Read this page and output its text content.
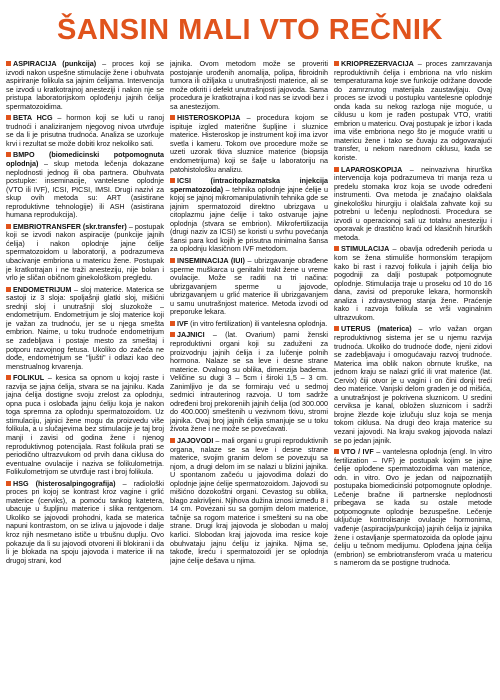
ŠANSIN MALI VTO REČNIK

ASPIRACIJA (punkcija) – proces koji se izvodi nakon uspešne stimulacije žene i obuhvata aspiriranje folikula sa jajnim ćelijama. Intervencija se izvodi u kratkotrajnoj anesteziji i nakon nje se pristupa laboratorijskom oplođenju jajnih ćelija spermatozoidima.

BETA HCG – hormon koji se luči u ranoj trudnoći i analiziranjem njegovog nivoa utvrđuje se da li je prisutna trudnoća. Analiza se uzorkuje krvi i rezultat se može dobiti kroz nekoliko sati.

BMPO (biomedicinski potpomognuta oplodnja) – skup metoda lečenja dokazane neplodnosti jednog ili oba partnera. Obuhvata postupke: inseminacije, vantelesne oplodnje (VTO ili IVF), ICSI, PICSI, IMSI. Drugi nazivi za skup ovih metoda su: ART (asistirane reproduktivne tehnologije) ili ASH (asistirana humana reprodukcija).

EMBRIOTRANSFER (skr.transfer) – postupak koji se izvodi nakon aspiracije (punkcije jajnih ćelija) i nakon oplodnje jajne ćelije spermatozoidom u laboratoriji, a podrazumeva ubacivanje embriona u matericu žene. Postupak je kratkotrajan i ne traži anesteziju, nije bolan i vrlo je sličan običnom ginekološkom pregledu.

ENDOMETRIJUM – sloj materice. Materica se sastoji iz 3 sloja: spoljašnji glatki sloj, mišićni srednji sloj i unutrašnji sloj sluzokože – endometrijum. Endometrijum je sloj materice koji je važan za trudnoću, jer se u njega smešta embrion. Naime, u toku trudnoće endometrijum se zadebljava i postaje mesto za smeštaj i potporu razvojnog fetusa. Ukoliko do začeća ne dođe, endometrijum se "ljušti" i odlazi kao deo menstrualnog krvarenja.

FOLIKUL – kesica sa opnom u kojoj raste i razvija se jajna ćelija, stvara se na jajniku. Kada jajna ćelija dostigne svoju zrelost za oplodnju, opna puca i oslobađa jajnu ćeliju koja je nakon toga spremna za oplodnju spermatozoidom. Uz stimulaciju, jajnici žene mogu da proizvedu više folikula, a u slučajevima bez stimulacije je taj broj manji i zavisi od godina žene i njenog reproduktivnog potencijala. Rast folikula prati se periodično ultrazvukom od prvih dana ciklusa do eventualne ovulacije i naziva se folikulometrija. Folikulometrijom se utvrđuje rast i broj folikula.

HSG (histerosalpingografija) – radiološki proces pri kojoj se kontrast kroz vagine i grlić materice (cerviks), a pomoću tankog katetera, ubacuje u šupljinu materice i slika rentgenom. Ukoliko se jajovodi prohodni, kada se materica napuni kontrastom, on se izliva u jajovode i dalje kroz njih nesmetano ističe u trbušnu duplju. Ovo pokazuje da li su jajovodi otvoreni ili blokirani i da li je blokada na spoju jajovoda i materice ili na drugoj strani, kod

jajnika. Ovom metodom može se proveriti postojanje urođenih anomalija, polipa, fibroidnih tumora ili ožiljaka u unutrašnjosti materice, ali se može otkriti i defekt unutrašnjosti jajovoda. Sama procedura je kratkotrajna i kod nas se izvodi bez i sa anestezijom.

HISTEROSKOPIJA – procedura kojom se ispituje izgled materične šupljine i sluznice materice. Histeroskop je instrument koji ima izvor svetla i kameru. Tokom ove procedure može se uzeti uzorak tkiva sluznice materice (biopsija endometrijuma) koji se šalje u laboratoriju na patohistološku analizu.

ICSI (intracitoplazmatska injekcija spermatozoida) – tehnika oplodnje jajne ćelije u kojoj se jajnoj mikromanipulativnih tehnika gde se jajnim spermatozoid direktno ubrizgava u citoplazmu jajne ćelije i tako ostvaruje jajne oplodnja (stvara se embrion). Mikrofertilizacija (drugi naziv za ICSI) se koristi u svrhu povećanja šansi para kod kojih je prisutna minimalna šansa za oplodnju klasičnom IVF metodom.

INSEMINACIJA (IUI) – ubrizgavanje obrađene sperme muškarca u genitalni trakt žene u vreme ovulacije. Može se raditi na tri načina: ubrizgavanjem sperme u jajovode, ubrizgavanjem u grlić materice ili ubrizgavanjem u samu unutrašnjost materice. Metoda izvodi od preporuke lekara.

IVF (in vitro fertilization) ili vantelesna oplodnja.

JAJNICI – (lat. Ovarium) parni ženski reproduktivni organi koji su zaduženi za proizvodnju jajnih ćelija i za lučenje polnih hormona. Nalaze se sa leve i desne strane materice. Ovalnog su oblika, dimenzija badema. Veličine su dugi 3 – 5cm i široki 1,5 – 3 cm. Zanimljivo je da se formiraju već u sedmoj sedmici intrauterinog razvoja. U tom sadrže određeni broj prekoreniih jajnih ćelija (od 300.000 do 400.000) smeštenih u vezivnom tkivu, stromi jajnika. Ovaj broj jajnih ćelija smanjuje se u toku života žene i ne može se povećavati.

JAJOVODI – mali organi u grupi reproduktivnih organa, nalaze se sa leve i desne strane materice, svojim granim delom se povezuju sa njom, a drugi delom im se nalazi u blizini jajnika. U spontanom začeću u jajovodima dolazi do oplodnje jajne ćelije spermatozoidom. Jajovodi su mišićno dozokoštni organi. Cevastog su oblika, blago zakrivljeni. Njihova dužina iznosi između 8 i 14 cm. Povezani su sa gornjim delom materice, tačnije sa rogom materice i smešteni su na obe strane. Drugi kraj jajovoda je slobodan u maloj karlici. Slobodan kraj jajovoda ima resice koje obuhvataju jajnu ćeliju iz jajnika. Njima se, takođe, kreću i spermatozoidi jer se oplodnja jajne ćelije dešava u njima.

KRIOPREZERVACIJA – proces zamrzavanja reproduktivnih ćelija i embriona na vrlo niskim temperaturama koje sve funkcije održane dovode do zamrznutog materijala zaustavljaju. Ovaj proces se izvodi u postupku vantelesne oplodnje onda kada su nekog razloga nije moguće, u ciklusu u kom je rađen postupak VTO, vratiti embrion u matericu. Ovaj postupak je izbor i kada ima više embriona nego što je moguće vratiti u matericu žene i tako se čuvaju za odgovarajući transfer, u nekom narednom ciklusu, kada se koriste.

LAPAROSKOPIJA – neinvazivna hirurška intervencija koja podrazumeva tri manja reza u predelu stomaka kroz koja se uvode određeni instrumenti. Ova metoda je značajno olakšala ginekološku hirurgiju i olakšala zahvate koji su potrebni u lečenju neplodnosti. Procedura se izvodi u operacionoj sali uz totalnu anesteziju i oporavak je drastično kraći od klasičnih hirurških metoda.

STIMULACIJA – obavlja određenih perioda u kom se žena stimuliše hormonskim terapijom kako bi rast i razvoj folikula i jajnih ćelija bio pogodniji za dalji postupak potpomognute oplodnje. Stimulacija traje u proseku od 10 do 16 dana, zavisi od preporuke lekara, hormonskih analiza i zdravstvenog stanja žene. Praćenje kako i razvoja folikula se vrši vaginalnim ultrazvukom.

UTERUS (materica) – vrlo važan organ reproduktivnog sistema jer se u njemu razvija trudnoća. Ukoliko do trudnoće dođe, njeni zidovi se zadebljavaju i omogućavaju razvoj trudnoće. Materica ima oblik nakon obrnute kruške, na jednom kraju se nalazi grlić ili vrat materice (lat. Cervix) čiji otvor je u vagini i on čini donji treći deo materice. Vanjski delom graden je od mišića, a unutrašnjost je pokrivena sluznicom. U sredini cerviksa je kanal, obložen sluznicom i sadrži brojne žlezde koje izlučuju sluz koja se menja tokom ciklusa. Na drugi deo kraja materice su vezani jajovodi. Na kraju svakog jajovoda nalazi se po jedan jajnik.

VTO / IVF – vantelesna oplodnja (engl. In vitro fertilization – IVF) je postupak kojim se jajne ćelije oplođene spermatozoidima van materice, odn. in vitro. Ovo je jedan od najpoznatijih postupaka biomedicinski potpomognute oplodnje. Lečenje bračne ili partnerske neplodnosti pribegava se kada su ostale metode potpomognute oplodnje bezuspešne. Lečenje uključuje kontrolisanje ovulacije hormonima, vađenje (aspiracija/punkcija) jajnih ćelija iz jajnika žene i ostavljanje spermatozoida da oplode jajnu ćeliju u tečnom medijumu. Oplođena jajna ćelija (embrion) se embriotransferom vraća u matericu s namerom da se postigne trudnoća.
